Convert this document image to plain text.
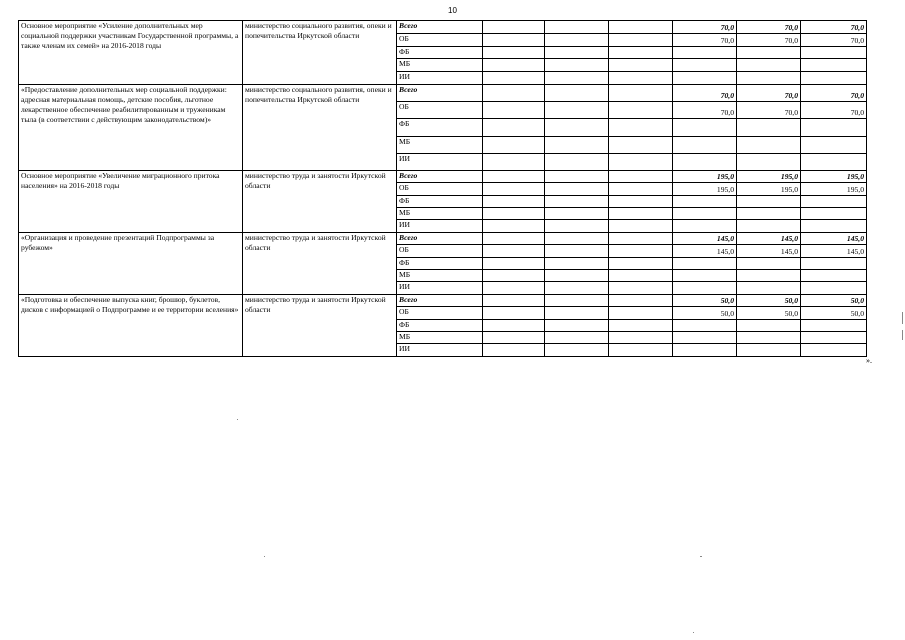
10
Основное мероприятие «Усиление дополнительных мер социальной поддержки участникам Государственной программы, а также членам их семей» на 2016-2018 годы	министерство социального развития, опеки и попечительства Иркутской области	Всего				70,0	70,0	70,0	
		ОБ				70,0	70,0	70,0	
		ФБ							
		МБ							
		ИИ							
«Предоставление дополнительных мер социальной поддержки: адресная материальная помощь, детские пособия, льготное лекарственное обеспечение реабилитированным и труженикам тыла (в соответствии с действующим законодательством)»	министерство социального развития, опеки и попечительства Иркутской области	Всего				70,0	70,0	70,0	
		ОБ				70,0	70,0	70,0	
		ФБ							
		МБ							
		ИИ							
Основное мероприятие «Увеличение миграционного притока населения» на 2016-2018 годы	министерство труда и занятости Иркутской области	Всего				195,0	195,0	195,0	
		ОБ				195,0	195,0	195,0	
		ФБ							
		МБ							
		ИИ							
«Организация и проведение презентаций Подпрограммы за рубежом»	министерство труда и занятости Иркутской области	Всего				145,0	145,0	145,0	
		ОБ				145,0	145,0	145,0	
		ФБ							
		МБ							
		ИИ							
«Подготовка и обеспечение выпуска книг, брошюр, буклетов, дисков с информацией о Подпрограмме и ее территории вселения»	министерство труда и занятости Иркутской области	Всего				50,0	50,0	50,0	
		ОБ				50,0	50,0	50,0	
		ФБ							
		МБ							
		ИИ							
».
